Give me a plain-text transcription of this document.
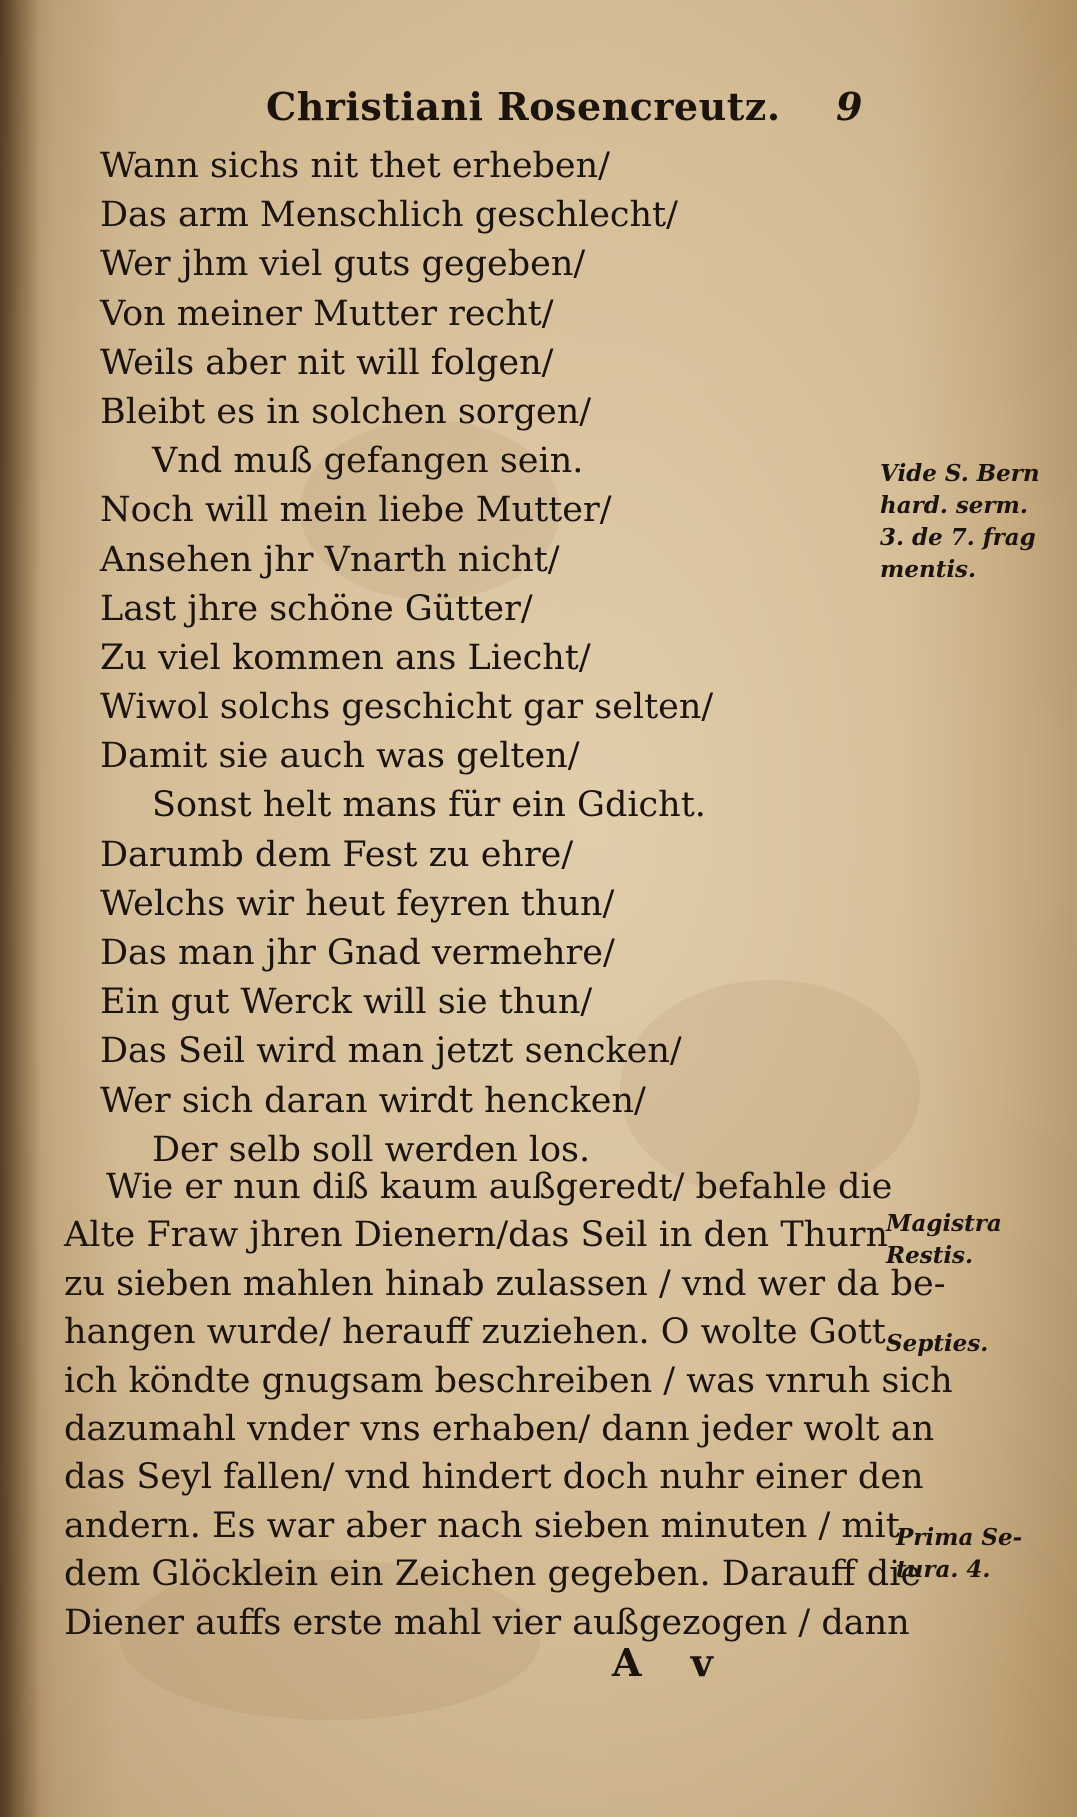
Christiani Rosencreutz. 9
Wann sichs nit thet erheben/
Das arm Menschlich geschlecht/
Wer jhm viel guts gegeben/
Von meiner Mutter recht/
Weils aber nit will folgen/
Bleibt es in solchen sorgen/
Vnd muß gefangen sein.
Noch will mein liebe Mutter/
Ansehen jhr Vnarth nicht/
Last jhre schöne Gütter/
Zu viel kommen ans Liecht/
Wiwol solchs geschicht gar selten/
Damit sie auch was gelten/
Sonst helt mans für ein Gdicht.
Darumb dem Fest zu ehre/
Welchs wir heut feyren thun/
Das man jhr Gnad vermehre/
Ein gut Werck will sie thun/
Das Seil wird man jetzt sencken/
Wer sich daran wirdt hencken/
Der selb soll werden los.
Wie er nun diß kaum außgeredt/ befahle die
Alte Fraw jhren Dienern/das Seil in den Thurn
zu sieben mahlen hinab zulassen / vnd wer da be-
hangen wurde/ herauff zuziehen. O wolte Gott
ich köndte gnugsam beschreiben / was vnruh sich
dazumahl vnder vns erhaben/ dann jeder wolt an
das Seyl fallen/ vnd hindert doch nuhr einer den
andern. Es war aber nach sieben minuten / mit
dem Glöcklein ein Zeichen gegeben. Darauff die
Diener auffs erste mahl vier außgezogen / dann
Vide S. Bern
hard. serm.
3. de 7. frag
mentis.
Magistra
Restis.
Septies.
Prima Se-
tura. 4.
A v
